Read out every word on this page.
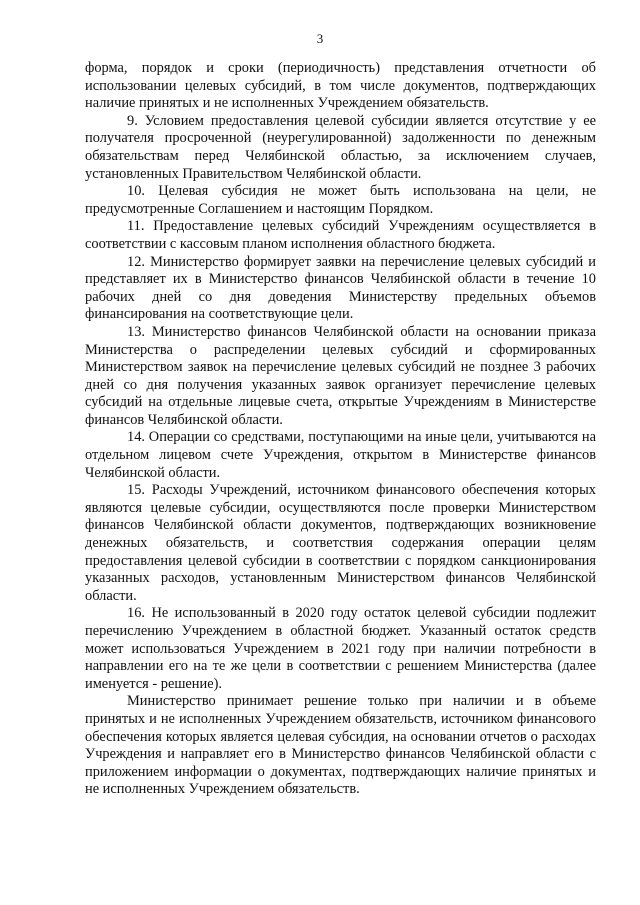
3

форма, порядок и сроки (периодичность) представления отчетности об использовании целевых субсидий, в том числе документов, подтверждающих наличие принятых и не исполненных Учреждением обязательств.

9. Условием предоставления целевой субсидии является отсутствие у ее получателя просроченной (неурегулированной) задолженности по денежным обязательствам перед Челябинской областью, за исключением случаев, установленных Правительством Челябинской области.

10. Целевая субсидия не может быть использована на цели, не предусмотренные Соглашением и настоящим Порядком.

11. Предоставление целевых субсидий Учреждениям осуществляется в соответствии с кассовым планом исполнения областного бюджета.

12. Министерство формирует заявки на перечисление целевых субсидий и представляет их в Министерство финансов Челябинской области в течение 10 рабочих дней со дня доведения Министерству предельных объемов финансирования на соответствующие цели.

13. Министерство финансов Челябинской области на основании приказа Министерства о распределении целевых субсидий и сформированных Министерством заявок на перечисление целевых субсидий не позднее 3 рабочих дней со дня получения указанных заявок организует перечисление целевых субсидий на отдельные лицевые счета, открытые Учреждениям в Министерстве финансов Челябинской области.

14. Операции со средствами, поступающими на иные цели, учитываются на отдельном лицевом счете Учреждения, открытом в Министерстве финансов Челябинской области.

15. Расходы Учреждений, источником финансового обеспечения которых являются целевые субсидии, осуществляются после проверки Министерством финансов Челябинской области документов, подтверждающих возникновение денежных обязательств, и соответствия содержания операции целям предоставления целевой субсидии в соответствии с порядком санкционирования указанных расходов, установленным Министерством финансов Челябинской области.

16. Не использованный в 2020 году остаток целевой субсидии подлежит перечислению Учреждением в областной бюджет. Указанный остаток средств может использоваться Учреждением в 2021 году при наличии потребности в направлении его на те же цели в соответствии с решением Министерства (далее именуется - решение).

Министерство принимает решение только при наличии и в объеме принятых и не исполненных Учреждением обязательств, источником финансового обеспечения которых является целевая субсидия, на основании отчетов о расходах Учреждения и направляет его в Министерство финансов Челябинской области с приложением информации о документах, подтверждающих наличие принятых и не исполненных Учреждением обязательств.
